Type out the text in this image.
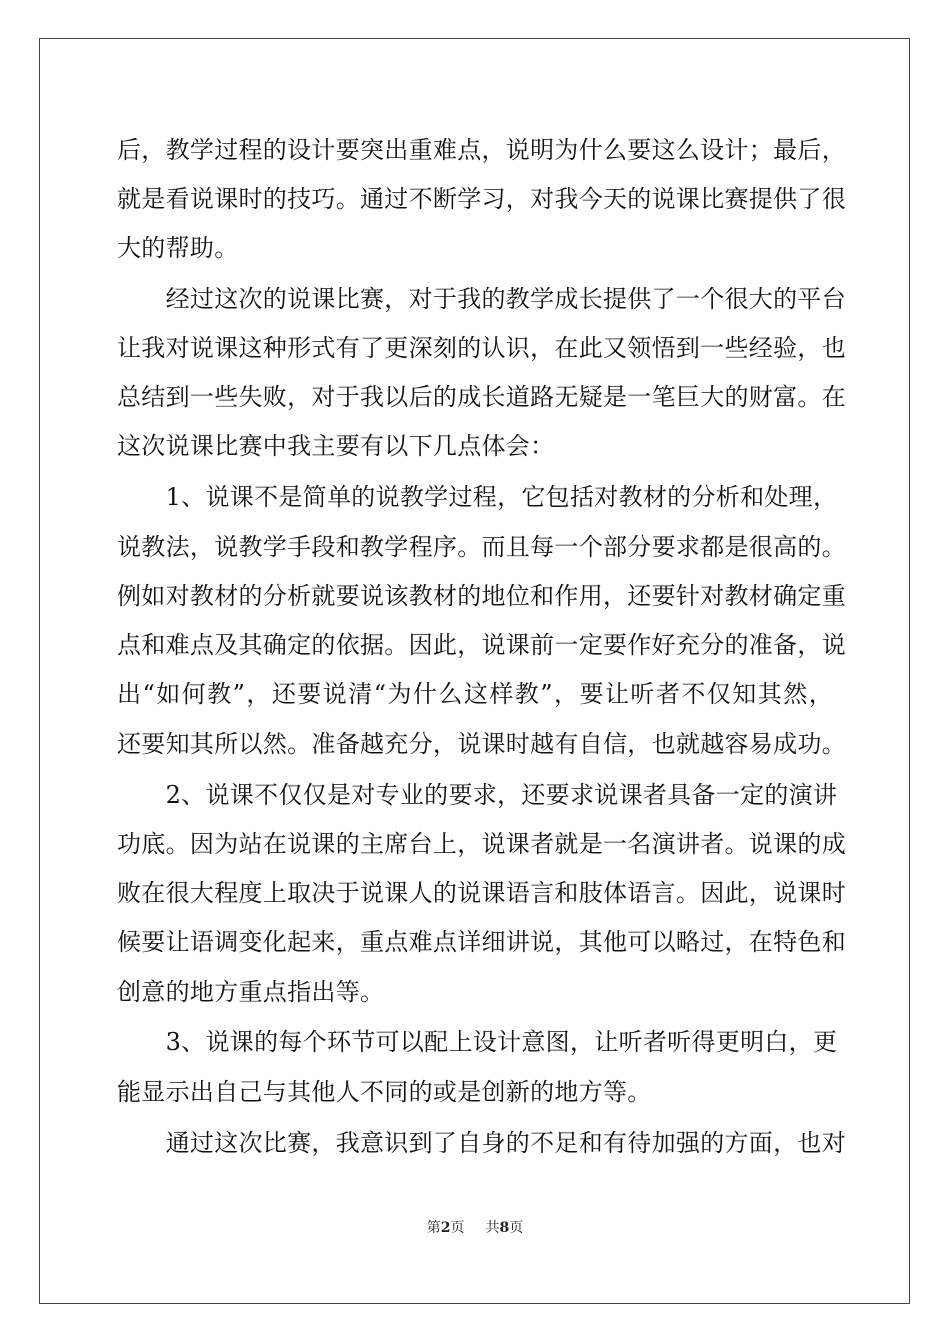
后，教学过程的设计要突出重难点，说明为什么要这么设计；最后，
就是看说课时的技巧。通过不断学习，对我今天的说课比赛提供了很
大的帮助。
　　经过这次的说课比赛，对于我的教学成长提供了一个很大的平台
让我对说课这种形式有了更深刻的认识，在此又领悟到一些经验，也
总结到一些失败，对于我以后的成长道路无疑是一笔巨大的财富。在
这次说课比赛中我主要有以下几点体会：
　　1、说课不是简单的说教学过程，它包括对教材的分析和处理，
说教法，说教学手段和教学程序。而且每一个部分要求都是很高的。
例如对教材的分析就要说该教材的地位和作用，还要针对教材确定重
点和难点及其确定的依据。因此，说课前一定要作好充分的准备，说
出“如何教”，还要说清“为什么这样教”，要让听者不仅知其然，
还要知其所以然。准备越充分，说课时越有自信，也就越容易成功。
　　2、说课不仅仅是对专业的要求，还要求说课者具备一定的演讲
功底。因为站在说课的主席台上，说课者就是一名演讲者。说课的成
败在很大程度上取决于说课人的说课语言和肢体语言。因此，说课时
候要让语调变化起来，重点难点详细讲说，其他可以略过，在特色和
创意的地方重点指出等。
　　3、说课的每个环节可以配上设计意图，让听者听得更明白，更
能显示出自己与其他人不同的或是创新的地方等。
　　通过这次比赛，我意识到了自身的不足和有待加强的方面，也对
第2页 共8页
